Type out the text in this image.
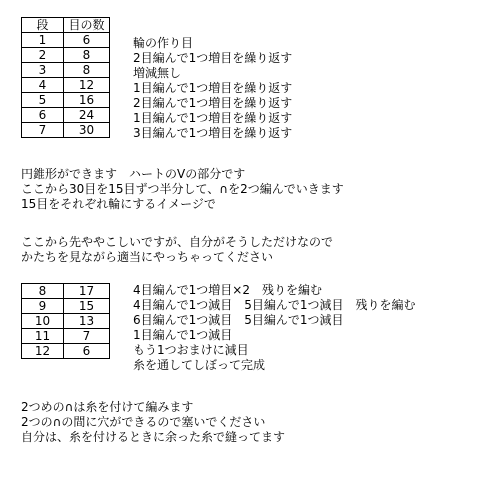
段	目の数
1	6
2	8
3	8
4	12
5	16
6	24
7	30
輪の作り目
2目編んで1つ増目を繰り返す
増減無し
1目編んで1つ増目を繰り返す
2目編んで1つ増目を繰り返す
1目編んで1つ増目を繰り返す
3目編んで1つ増目を繰り返す
円錐形ができます　ハートのVの部分です
ここから30目を15目ずつ半分して、∩を2つ編んでいきます
15目をそれぞれ輪にするイメージで
ここから先ややこしいですが、自分がそうしただけなので
かたちを見ながら適当にやっちゃってください
8	17
9	15
10	13
11	7
12	6
4目編んで1つ増目×2　残りを編む
4目編んで1つ減目　5目編んで1つ減目　残りを編む
6目編んで1つ減目　5目編んで1つ減目
1目編んで1つ減目
もう1つおまけに減目
糸を通してしぼって完成
2つめの∩は糸を付けて編みます
2つの∩の間に穴ができるので塞いでください
自分は、糸を付けるときに余った糸で縫ってます
